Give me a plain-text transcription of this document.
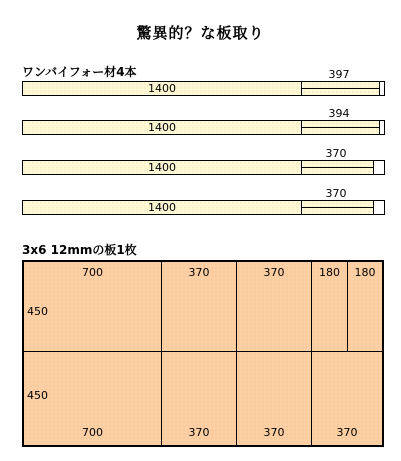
驚異的？な板取り
ワンバイフォー材4本	397
1400
394
1400
370
1400
370
1400
3x6 12mmの板1枚
700
450
370	370	180	180
450
700	370	370	370
